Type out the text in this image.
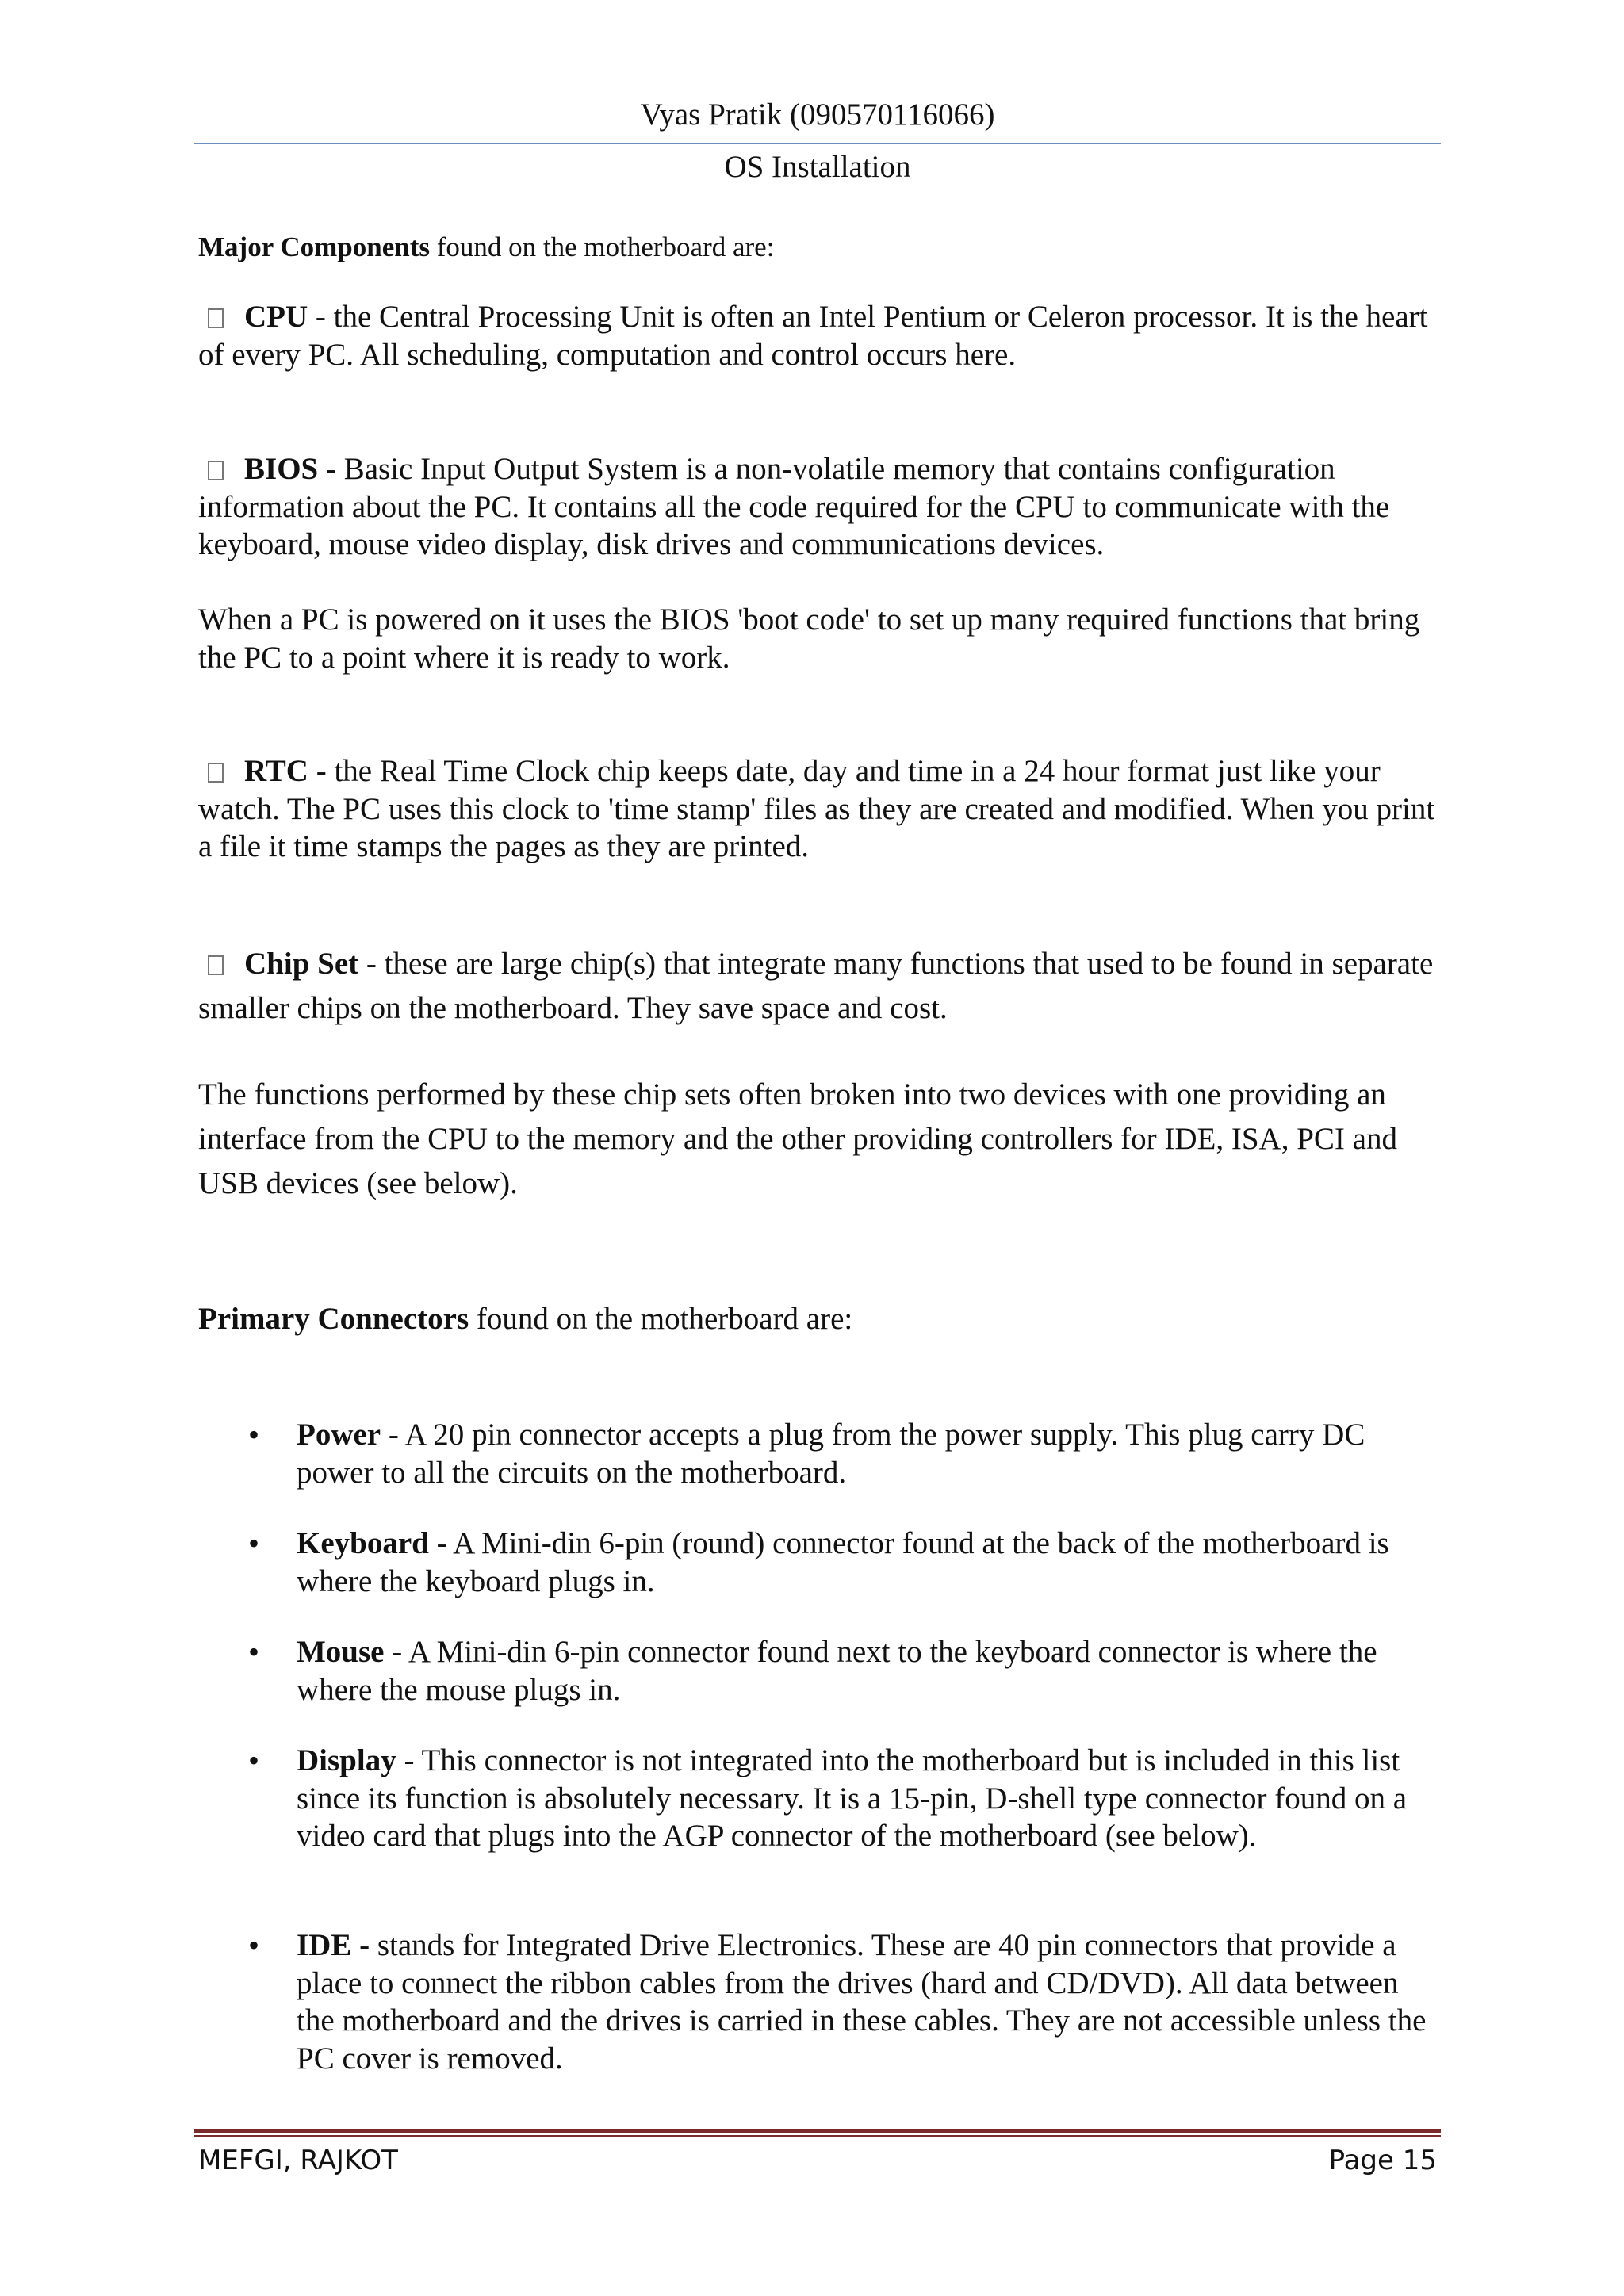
Vyas Pratik (090570116066)
OS Installation
Major Components found on the motherboard are:
CPU - the Central Processing Unit is often an Intel Pentium or Celeron processor. It is the heart of every PC. All scheduling, computation and control occurs here.
BIOS - Basic Input Output System is a non-volatile memory that contains configuration information about the PC. It contains all the code required for the CPU to communicate with the keyboard, mouse video display, disk drives and communications devices.
When a PC is powered on it uses the BIOS 'boot code' to set up many required functions that bring the PC to a point where it is ready to work.
RTC - the Real Time Clock chip keeps date, day and time in a 24 hour format just like your watch. The PC uses this clock to 'time stamp' files as they are created and modified. When you print a file it time stamps the pages as they are printed.
Chip Set - these are large chip(s) that integrate many functions that used to be found in separate smaller chips on the motherboard. They save space and cost.
The functions performed by these chip sets often broken into two devices with one providing an interface from the CPU to the memory and the other providing controllers for IDE, ISA, PCI and USB devices (see below).
Primary Connectors found on the motherboard are:
• Power - A 20 pin connector accepts a plug from the power supply. This plug carry DC power to all the circuits on the motherboard.
• Keyboard - A Mini-din 6-pin (round) connector found at the back of the motherboard is where the keyboard plugs in.
• Mouse - A Mini-din 6-pin connector found next to the keyboard connector is where the where the mouse plugs in.
• Display - This connector is not integrated into the motherboard but is included in this list since its function is absolutely necessary. It is a 15-pin, D-shell type connector found on a video card that plugs into the AGP connector of the motherboard (see below).
• IDE - stands for Integrated Drive Electronics. These are 40 pin connectors that provide a place to connect the ribbon cables from the drives (hard and CD/DVD). All data between the motherboard and the drives is carried in these cables. They are not accessible unless the PC cover is removed.
MEFGI, RAJKOT	Page 15
